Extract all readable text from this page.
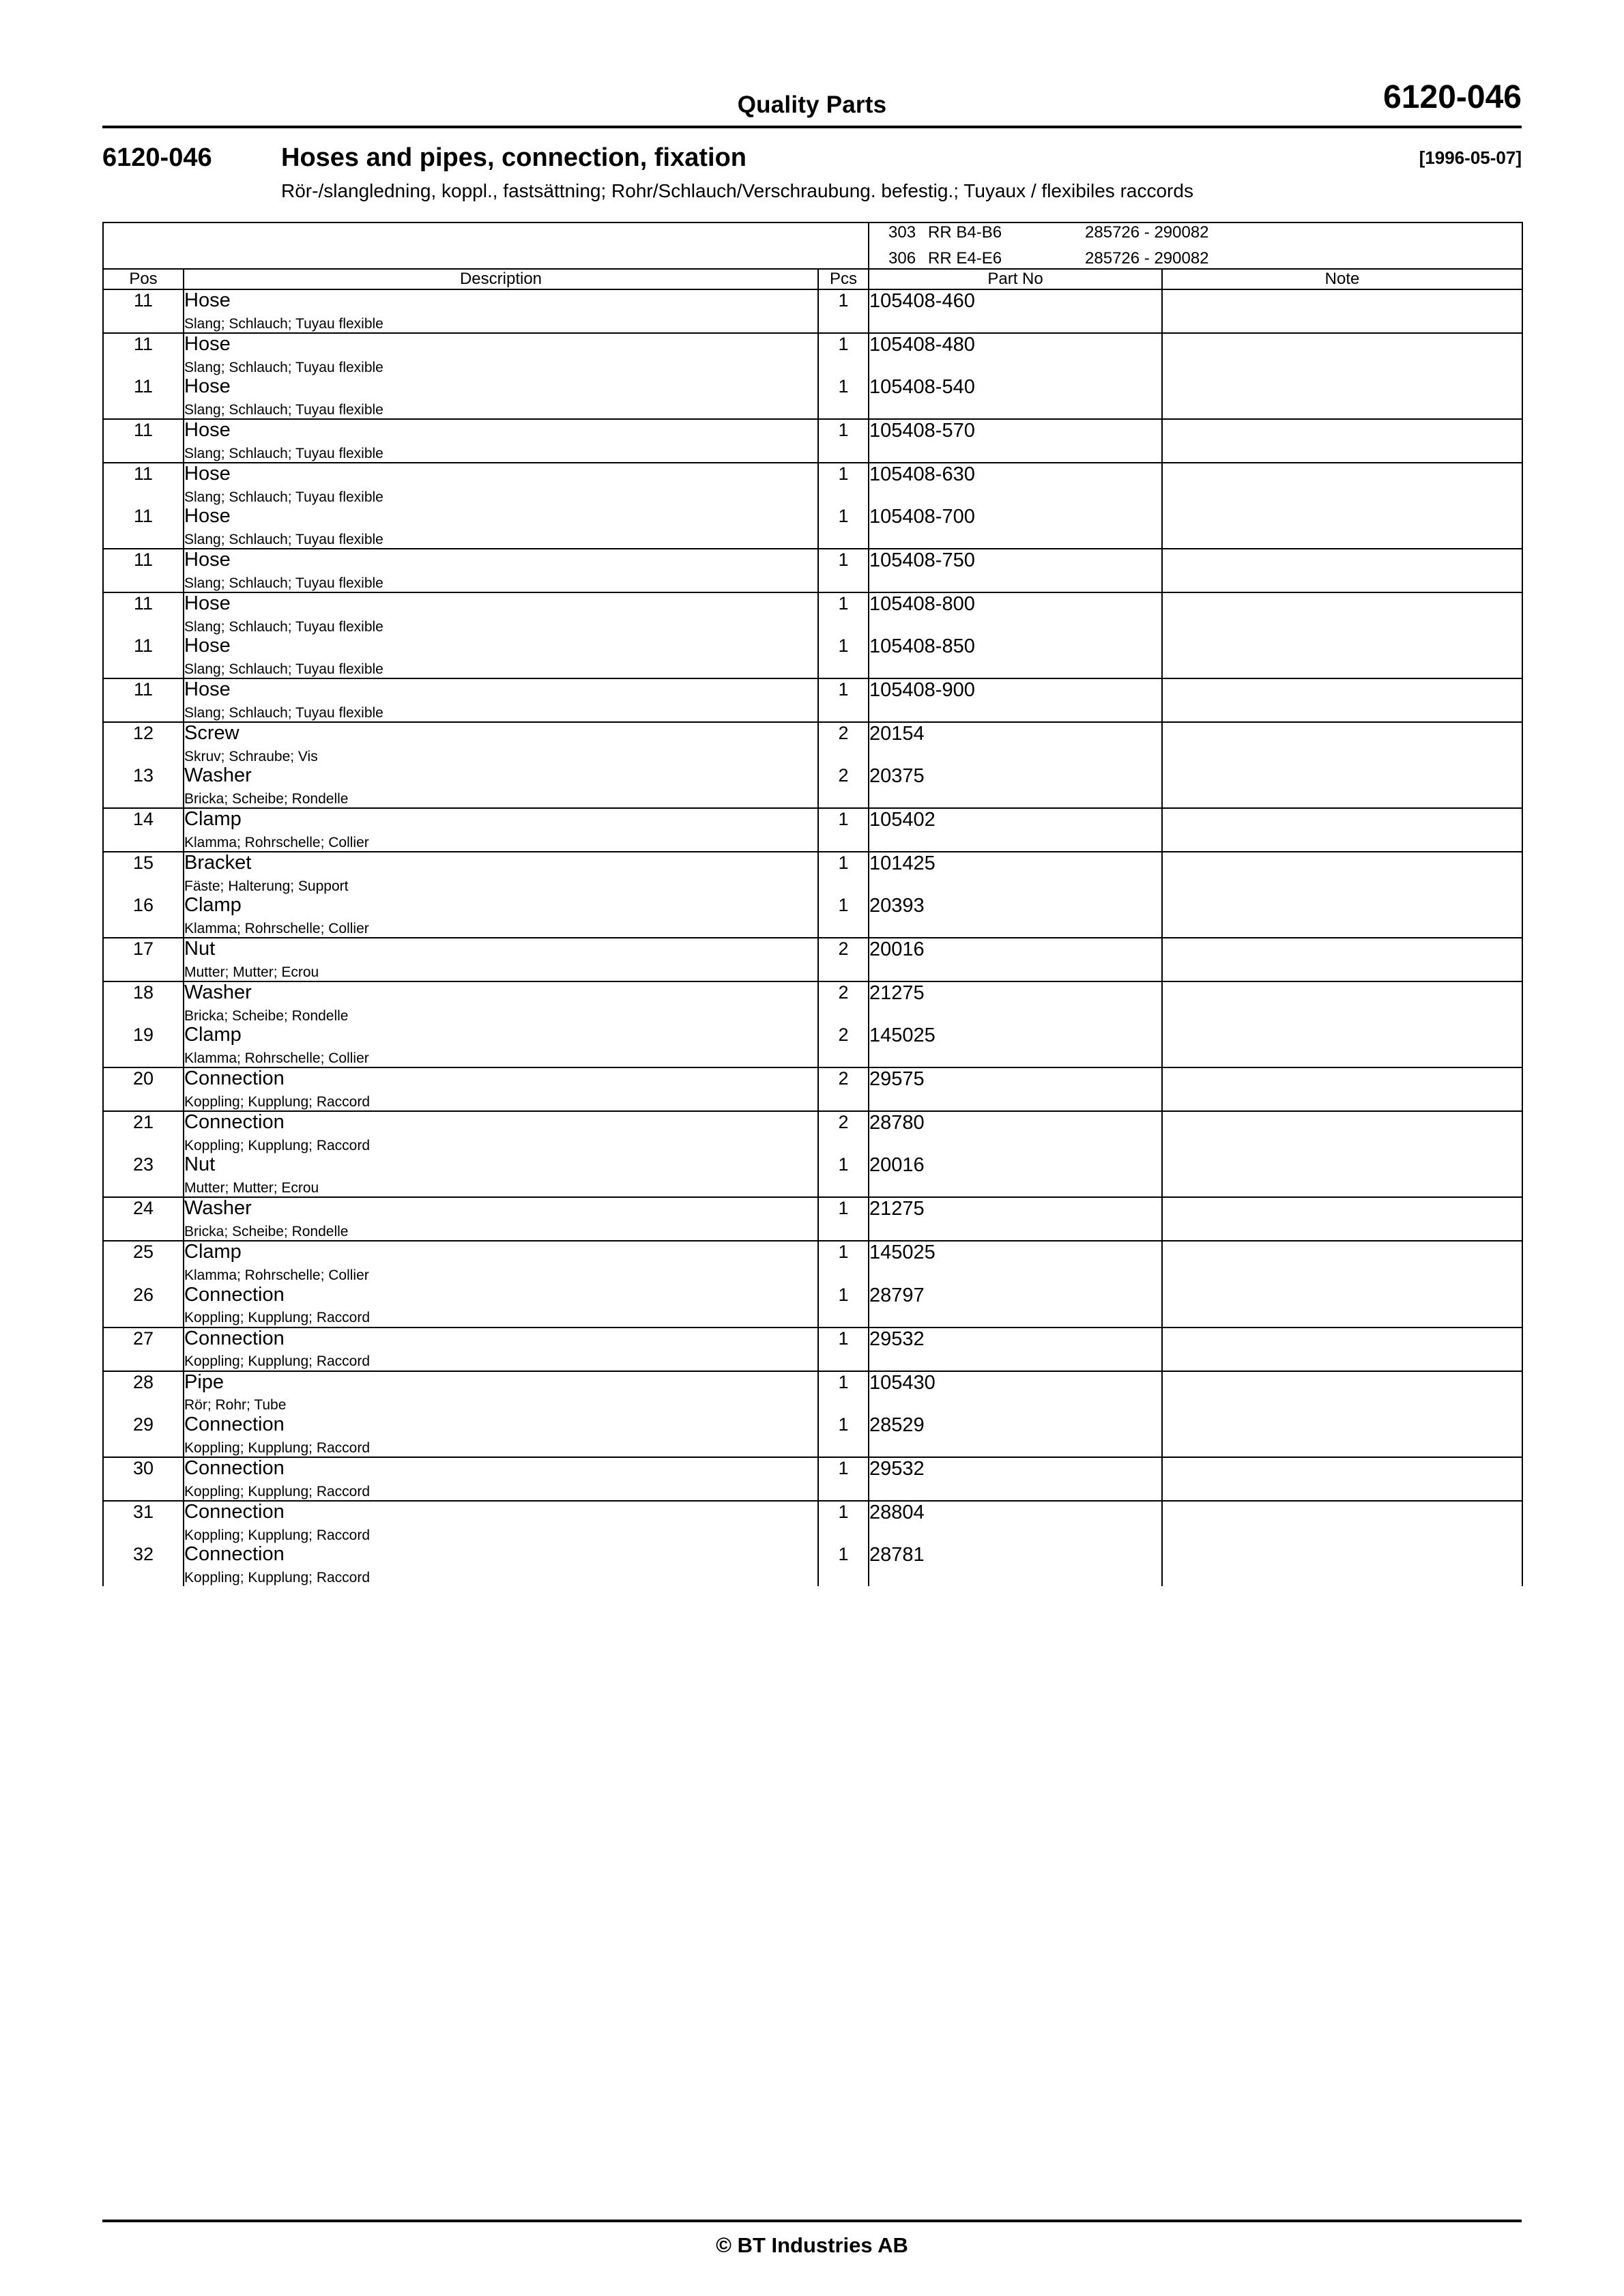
Quality Parts	6120-046
6120-046	Hoses and pipes, connection, fixation	[1996-05-07]
Rör-/slangledning, koppl., fastsättning; Rohr/Schlauch/Verschraubung. befestig.; Tuyaux / flexibiles raccords

303 RR B4-B6	285726 - 290082
306 RR E4-E6	285726 - 290082

Pos	Description	Pcs	Part No	Note
11	Hose
Slang; Schlauch; Tuyau flexible	1	105408-460	
11	Hose
Slang; Schlauch; Tuyau flexible	1	105408-480	
11	Hose
Slang; Schlauch; Tuyau flexible	1	105408-540	
11	Hose
Slang; Schlauch; Tuyau flexible	1	105408-570	
11	Hose
Slang; Schlauch; Tuyau flexible	1	105408-630	
11	Hose
Slang; Schlauch; Tuyau flexible	1	105408-700	
11	Hose
Slang; Schlauch; Tuyau flexible	1	105408-750	
11	Hose
Slang; Schlauch; Tuyau flexible	1	105408-800	
11	Hose
Slang; Schlauch; Tuyau flexible	1	105408-850	
11	Hose
Slang; Schlauch; Tuyau flexible	1	105408-900	
12	Screw
Skruv; Schraube; Vis	2	20154	
13	Washer
Bricka; Scheibe; Rondelle	2	20375	
14	Clamp
Klamma; Rohrschelle; Collier	1	105402	
15	Bracket
Fäste; Halterung; Support	1	101425	
16	Clamp
Klamma; Rohrschelle; Collier	1	20393	
17	Nut
Mutter; Mutter; Ecrou	2	20016	
18	Washer
Bricka; Scheibe; Rondelle	2	21275	
19	Clamp
Klamma; Rohrschelle; Collier	2	145025	
20	Connection
Koppling; Kupplung; Raccord	2	29575	
21	Connection
Koppling; Kupplung; Raccord	2	28780	
23	Nut
Mutter; Mutter; Ecrou	1	20016	
24	Washer
Bricka; Scheibe; Rondelle	1	21275	
25	Clamp
Klamma; Rohrschelle; Collier	1	145025	
26	Connection
Koppling; Kupplung; Raccord	1	28797	
27	Connection
Koppling; Kupplung; Raccord	1	29532	
28	Pipe
Rör; Rohr; Tube	1	105430	
29	Connection
Koppling; Kupplung; Raccord	1	28529	
30	Connection
Koppling; Kupplung; Raccord	1	29532	
31	Connection
Koppling; Kupplung; Raccord	1	28804	
32	Connection
Koppling; Kupplung; Raccord	1	28781	
© BT Industries AB
